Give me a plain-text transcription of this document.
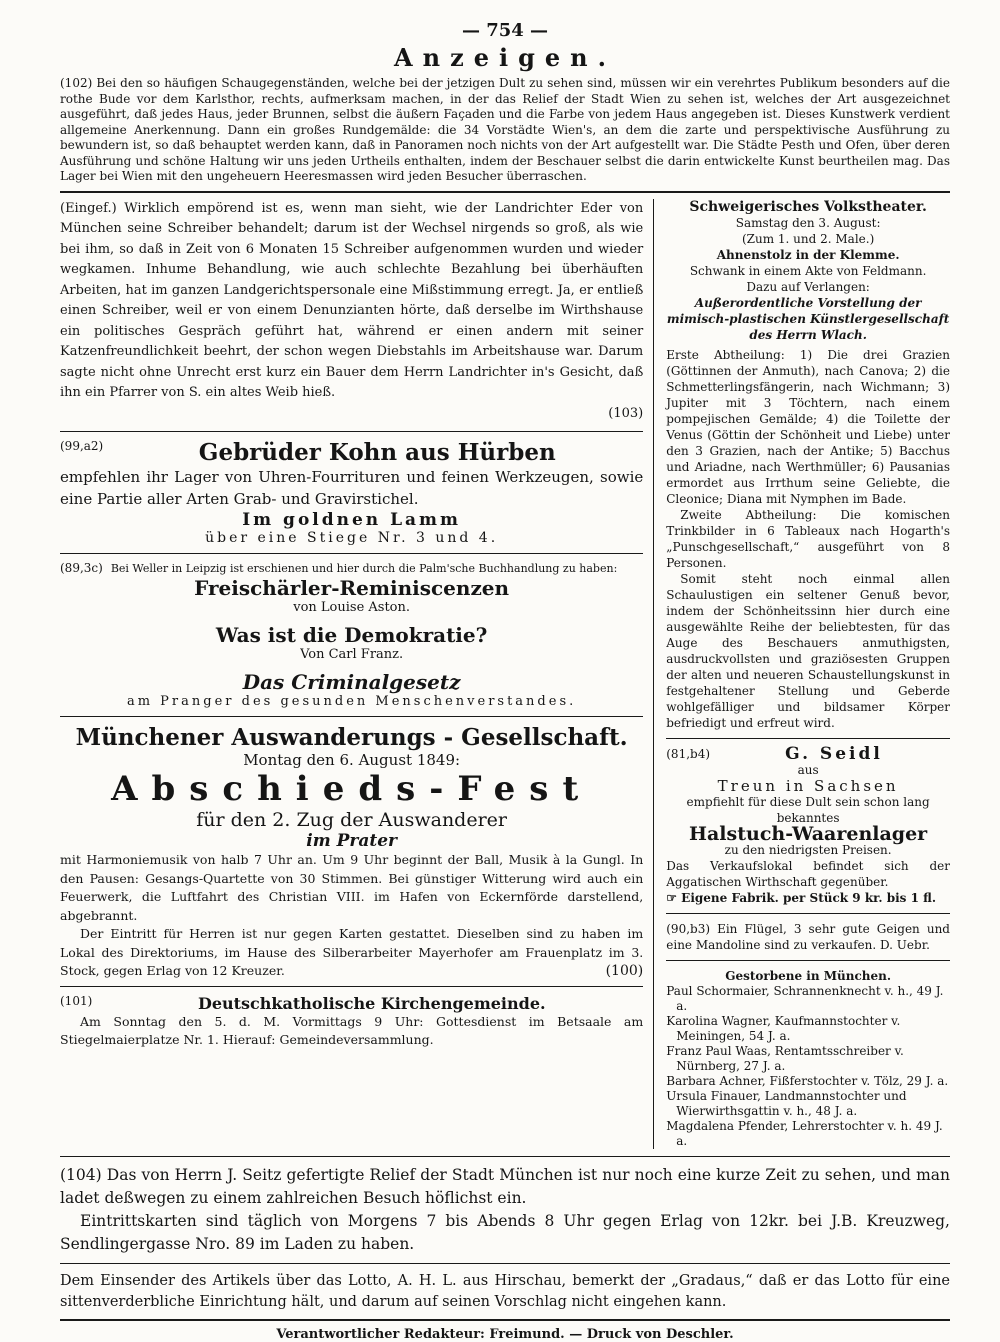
— 754 —
Anzeigen.
(102) Bei den so häufigen Schaugegenständen, welche bei der jetzigen Dult zu sehen sind, müssen wir ein verehrtes Publikum besonders auf die rothe Bude vor dem Karlsthor, rechts, aufmerksam machen, in der das Relief der Stadt Wien zu sehen ist, welches der Art ausgezeichnet ausgeführt, daß jedes Haus, jeder Brunnen, selbst die äußern Façaden und die Farbe von jedem Haus angegeben ist. Dieses Kunstwerk verdient allgemeine Anerkennung. Dann ein großes Rundgemälde: die 34 Vorstädte Wien's, an dem die zarte und perspektivische Ausführung zu bewundern ist, so daß behauptet werden kann, daß in Panoramen noch nichts von der Art aufgestellt war. Die Städte Pesth und Ofen, über deren Ausführung und schöne Haltung wir uns jeden Urtheils enthalten, indem der Beschauer selbst die darin entwickelte Kunst beurtheilen mag. Das Lager bei Wien mit den ungeheuern Heeresmassen wird jeden Besucher überraschen.
(Eingef.) Wirklich empörend ist es, wenn man sieht, wie der Landrichter Eder von München seine Schreiber behandelt; darum ist der Wechsel nirgends so groß, als wie bei ihm, so daß in Zeit von 6 Monaten 15 Schreiber aufgenommen wurden und wieder wegkamen. Inhume Behandlung, wie auch schlechte Bezahlung bei überhäuften Arbeiten, hat im ganzen Landgerichtspersonale eine Mißstimmung erregt. Ja, er entließ einen Schreiber, weil er von einem Denunzianten hörte, daß derselbe im Wirthshause ein politisches Gespräch geführt hat, während er einen andern mit seiner Katzenfreundlichkeit beehrt, der schon wegen Diebstahls im Arbeitshause war. Darum sagte nicht ohne Unrecht erst kurz ein Bauer dem Herrn Landrichter in's Gesicht, daß ihn ein Pfarrer von S. ein altes Weib hieß.
(103)
(99,a2)	Gebrüder Kohn aus Hürben
empfehlen ihr Lager von Uhren-Fourrituren und feinen Werkzeugen, sowie eine Partie aller Arten Grab- und Gravirstichel.
Im goldnen Lamm
über eine Stiege Nr. 3 und 4.
(89,3c) Bei Weller in Leipzig ist erschienen und hier durch die Palm'sche Buchhandlung zu haben:
Freischärler-Reminiscenzen
von Louise Aston.
Was ist die Demokratie?
Von Carl Franz.
Das Criminalgesetz
am Pranger des gesunden Menschenverstandes.
Münchener Auswanderungs - Gesellschaft.
Montag den 6. August 1849:
Abschieds-Fest
für den 2. Zug der Auswanderer
im Prater
mit Harmoniemusik von halb 7 Uhr an. Um 9 Uhr beginnt der Ball, Musik à la Gungl. In den Pausen: Gesangs-Quartette von 30 Stimmen. Bei günstiger Witterung wird auch ein Feuerwerk, die Luftfahrt des Christian VIII. im Hafen von Eckernförde darstellend, abgebrannt.
Der Eintritt für Herren ist nur gegen Karten gestattet. Dieselben sind zu haben im Lokal des Direktoriums, im Hause des Silberarbeiter Mayerhofer am Frauenplatz im 3. Stock, gegen Erlag von 12 Kreuzer.	(100)
(101)	Deutschkatholische Kirchengemeinde.
Am Sonntag den 5. d. M. Vormittags 9 Uhr: Gottesdienst im Betsaale am Stiegelmaierplatze Nr. 1. Hierauf: Gemeindeversammlung.
Schweigerisches Volkstheater.
Samstag den 3. August:
(Zum 1. und 2. Male.)
Ahnenstolz in der Klemme.
Schwank in einem Akte von Feldmann.
Dazu auf Verlangen:
Außerordentliche Vorstellung der mimisch-plastischen Künstlergesellschaft des Herrn Wlach.
Erste Abtheilung: 1) Die drei Grazien (Göttinnen der Anmuth), nach Canova; 2) die Schmetterlingsfängerin, nach Wichmann; 3) Jupiter mit 3 Töchtern, nach einem pompejischen Gemälde; 4) die Toilette der Venus (Göttin der Schönheit und Liebe) unter den 3 Grazien, nach der Antike; 5) Bacchus und Ariadne, nach Werthmüller; 6) Pausanias ermordet aus Irrthum seine Geliebte, die Cleonice; Diana mit Nymphen im Bade.
Zweite Abtheilung: Die komischen Trinkbilder in 6 Tableaux nach Hogarth's „Punschgesellschaft,“ ausgeführt von 8 Personen.
Somit steht noch einmal allen Schaulustigen ein seltener Genuß bevor, indem der Schönheitssinn hier durch eine ausgewählte Reihe der beliebtesten, für das Auge des Beschauers anmuthigsten, ausdruckvollsten und graziösesten Gruppen der alten und neueren Schaustellungskunst in festgehaltener Stellung und Geberde wohlgefälliger und bildsamer Körper befriedigt und erfreut wird.
(81,b4)	G. Seidl
aus
Treun in Sachsen
empfiehlt für diese Dult sein schon lang bekanntes
Halstuch-Waarenlager
zu den niedrigsten Preisen.
Das Verkaufslokal befindet sich der Aggatischen Wirthschaft gegenüber.
☞ Eigene Fabrik. per Stück 9 kr. bis 1 fl.
(90,b3) Ein Flügel, 3 sehr gute Geigen und eine Mandoline sind zu verkaufen. D. Uebr.
Gestorbene in München.
Paul Schormaier, Schrannenknecht v. h., 49 J. a.
Karolina Wagner, Kaufmannstochter v. Meiningen, 54 J. a.
Franz Paul Waas, Rentamtsschreiber v. Nürnberg, 27 J. a.
Barbara Achner, Fißferstochter v. Tölz, 29 J. a.
Ursula Finauer, Landmannstochter und Wierwirthsgattin v. h., 48 J. a.
Magdalena Pfender, Lehrerstochter v. h. 49 J. a.
(104) Das von Herrn J. Seitz gefertigte Relief der Stadt München ist nur noch eine kurze Zeit zu sehen, und man ladet deßwegen zu einem zahlreichen Besuch höflichst ein.
Eintrittskarten sind täglich von Morgens 7 bis Abends 8 Uhr gegen Erlag von 12kr. bei J.B. Kreuzweg, Sendlingergasse Nro. 89 im Laden zu haben.
Dem Einsender des Artikels über das Lotto, A. H. L. aus Hirschau, bemerkt der „Gradaus,“ daß er das Lotto für eine sittenverderbliche Einrichtung hält, und darum auf seinen Vorschlag nicht eingehen kann.
Verantwortlicher Redakteur: Freimund. — Druck von Deschler.
